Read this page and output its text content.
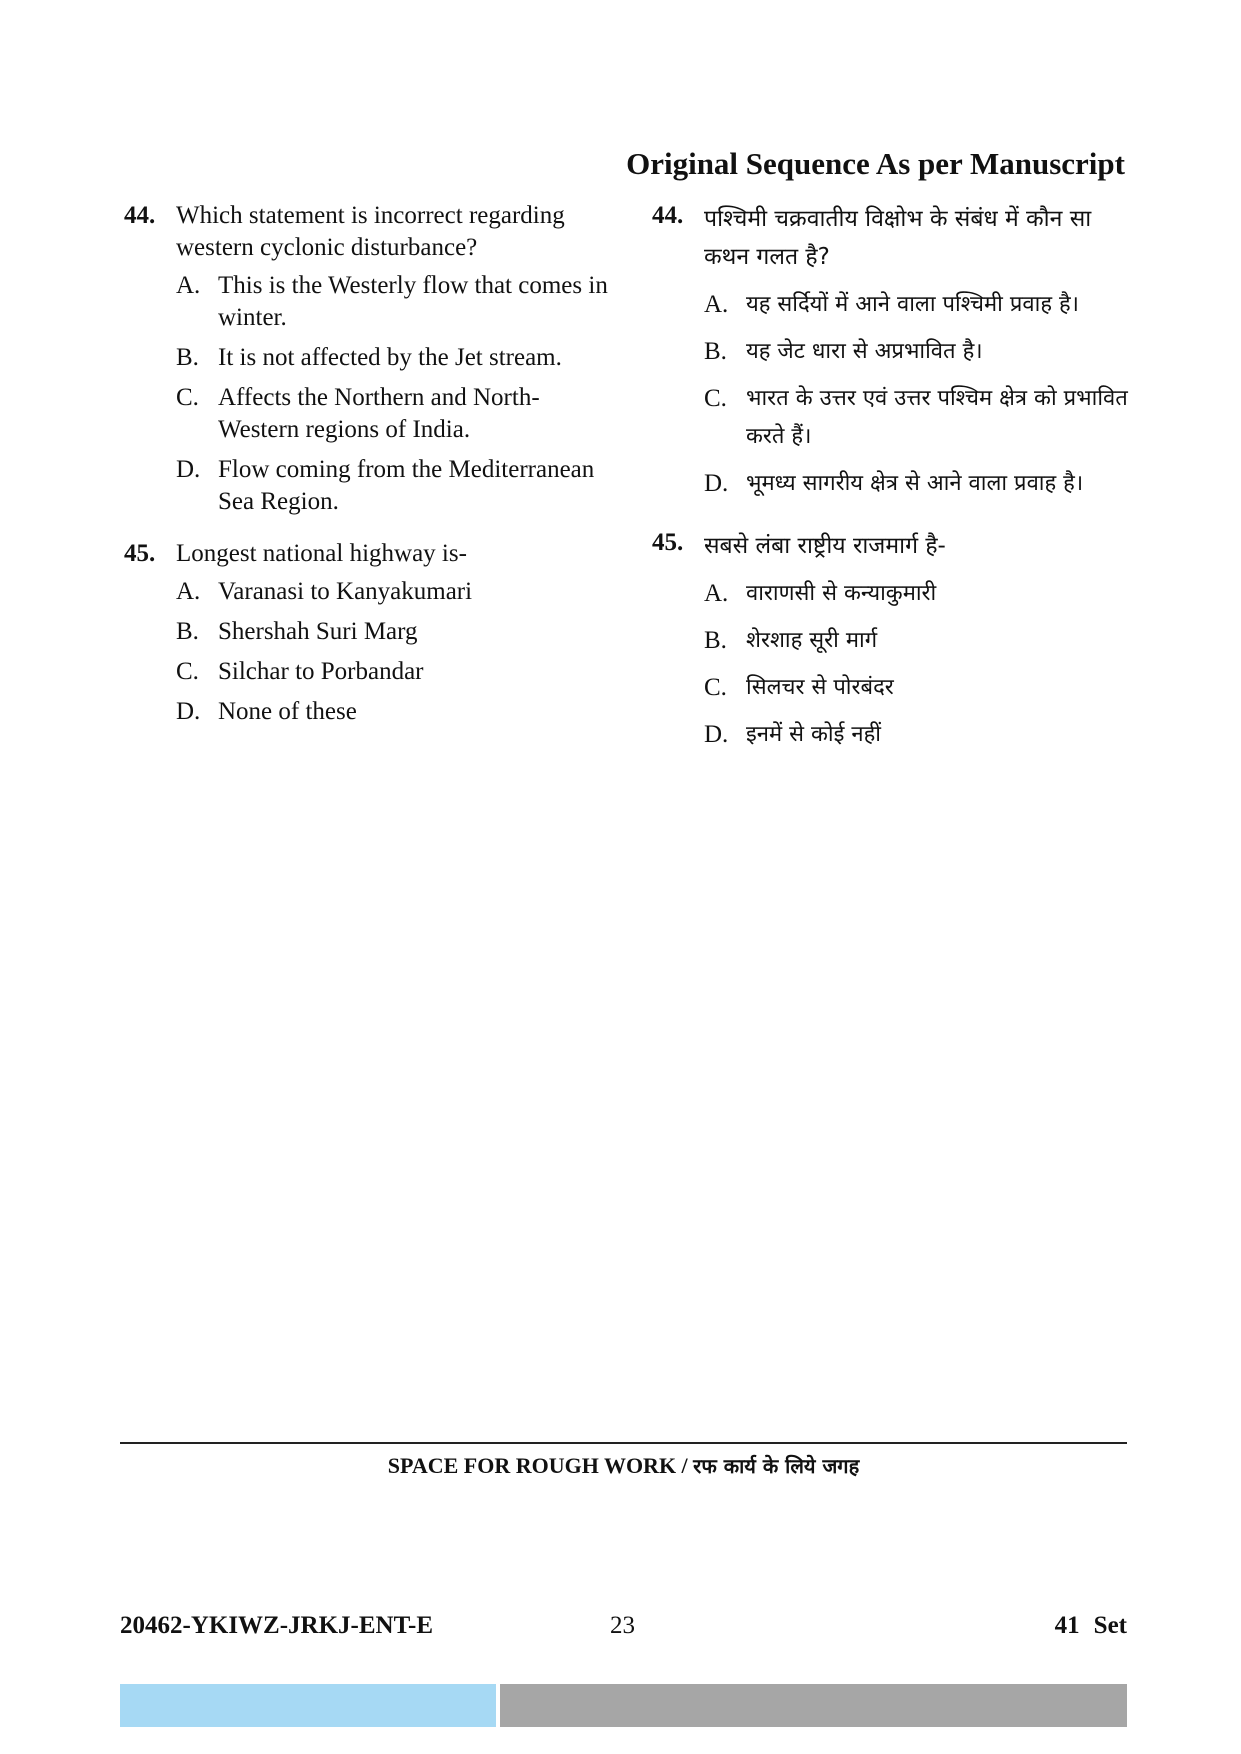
Original Sequence As per Manuscript
44. Which statement is incorrect regarding western cyclonic disturbance?
A. This is the Westerly flow that comes in winter.
B. It is not affected by the Jet stream.
C. Affects the Northern and North-Western regions of India.
D. Flow coming from the Mediterranean Sea Region.
45. Longest national highway is-
A. Varanasi to Kanyakumari
B. Shershah Suri Marg
C. Silchar to Porbandar
D. None of these
44. पश्चिमी चक्रवातीय विक्षोभ के संबंध में कौन सा कथन गलत है?
A. यह सर्दियों में आने वाला पश्चिमी प्रवाह है।
B. यह जेट धारा से अप्रभावित है।
C. भारत के उत्तर एवं उत्तर पश्चिम क्षेत्र को प्रभावित करते हैं।
D. भूमध्य सागरीय क्षेत्र से आने वाला प्रवाह है।
45. सबसे लंबा राष्ट्रीय राजमार्ग है-
A. वाराणसी से कन्याकुमारी
B. शेरशाह सूरी मार्ग
C. सिलचर से पोरबंदर
D. इनमें से कोई नहीं
SPACE FOR ROUGH WORK / रफ कार्य के लिये जगह
20462-YKIWZ-JRKJ-ENT-E	23	41 Set
